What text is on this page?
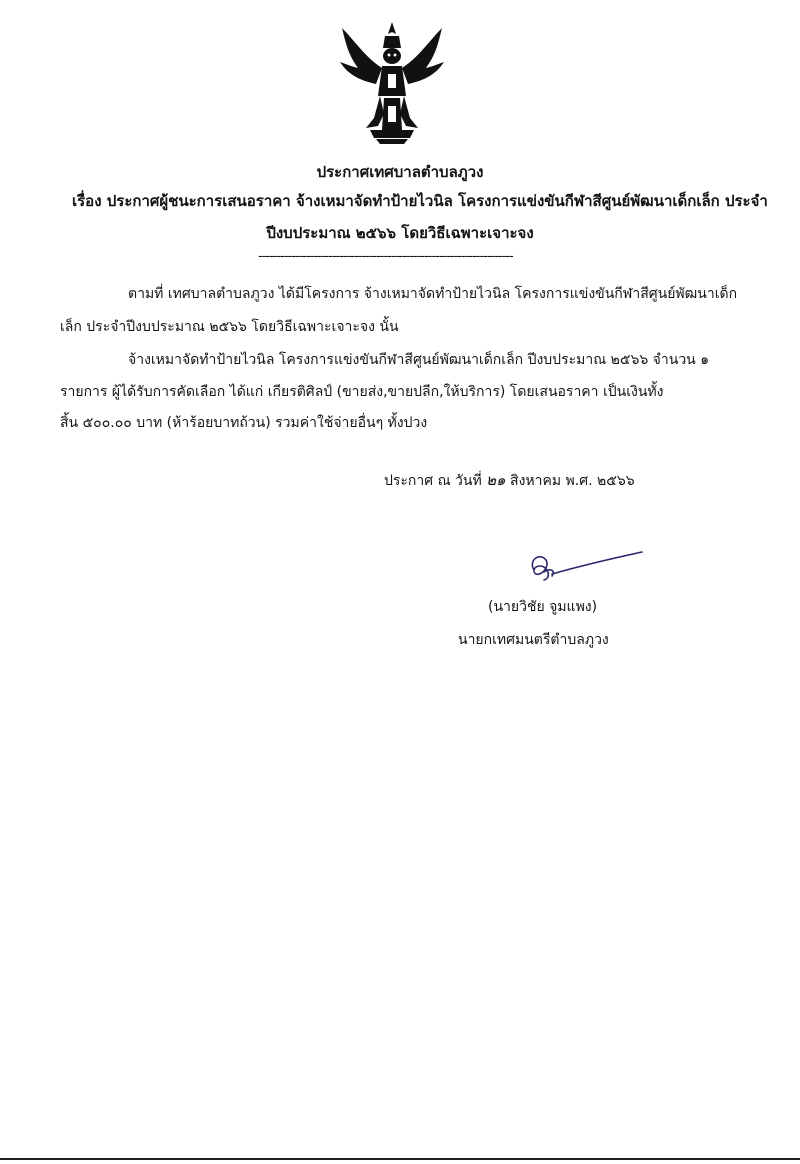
ประกาศเทศบาลตำบลภูวง
เรื่อง ประกาศผู้ชนะการเสนอราคา จ้างเหมาจัดทำป้ายไวนิล โครงการแข่งขันกีฬาสีศูนย์พัฒนาเด็กเล็ก ประจำ
ปีงบประมาณ ๒๕๖๖ โดยวิธีเฉพาะเจาะจง
---------------------------------------------------------------------
ตามที่ เทศบาลตำบลภูวง ได้มีโครงการ จ้างเหมาจัดทำป้ายไวนิล โครงการแข่งขันกีฬาสีศูนย์พัฒนาเด็ก
เล็ก ประจำปีงบประมาณ ๒๕๖๖ โดยวิธีเฉพาะเจาะจง นั้น
จ้างเหมาจัดทำป้ายไวนิล โครงการแข่งขันกีฬาสีศูนย์พัฒนาเด็กเล็ก ปีงบประมาณ ๒๕๖๖ จำนวน ๑
รายการ ผู้ได้รับการคัดเลือก ได้แก่ เกียรติศิลป์ (ขายส่ง,ขายปลีก,ให้บริการ) โดยเสนอราคา เป็นเงินทั้ง
สิ้น ๕๐๐.๐๐ บาท (ห้าร้อยบาทถ้วน) รวมค่าใช้จ่ายอื่นๆ ทั้งปวง
ประกาศ ณ วันที่ ๒๑ สิงหาคม พ.ศ. ๒๕๖๖
(นายวิชัย จูมแพง)
นายกเทศมนตรีตำบลภูวง
